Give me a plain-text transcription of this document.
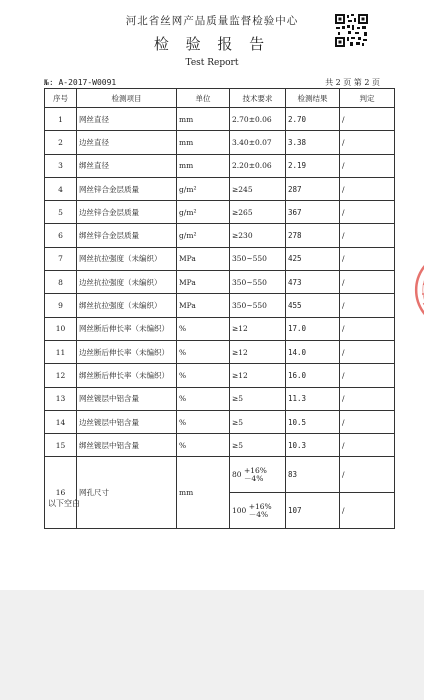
河北省丝网产品质量监督检验中心
检 验 报 告
Test Report
№: A-2017-W0091	共 2 页 第 2 页
序号	检测项目	单位	技术要求	检测结果	判定
1	网丝直径	mm	2.70±0.06	2.70	/
2	边丝直径	mm	3.40±0.07	3.38	/
3	绑丝直径	mm	2.20±0.06	2.19	/
4	网丝锌合金层质量	g/m²	≥245	287	/
5	边丝锌合金层质量	g/m²	≥265	367	/
6	绑丝锌合金层质量	g/m²	≥230	278	/
7	网丝抗拉强度（未编织）	MPa	350~550	425	/
8	边丝抗拉强度（未编织）	MPa	350~550	473	/
9	绑丝抗拉强度（未编织）	MPa	350~550	455	/
10	网丝断后伸长率（未编织）	%	≥12	17.0	/
11	边丝断后伸长率（未编织）	%	≥12	14.0	/
12	绑丝断后伸长率（未编织）	%	≥12	16.0	/
13	网丝镀层中铝含量	%	≥5	11.3	/
14	边丝镀层中铝含量	%	≥5	10.5	/
15	绑丝镀层中铝含量	%	≥5	10.3	/
16	网孔尺寸	mm	80 +16%
－4%	83	/
			100 +16%
－4%	107	/
以下空白
